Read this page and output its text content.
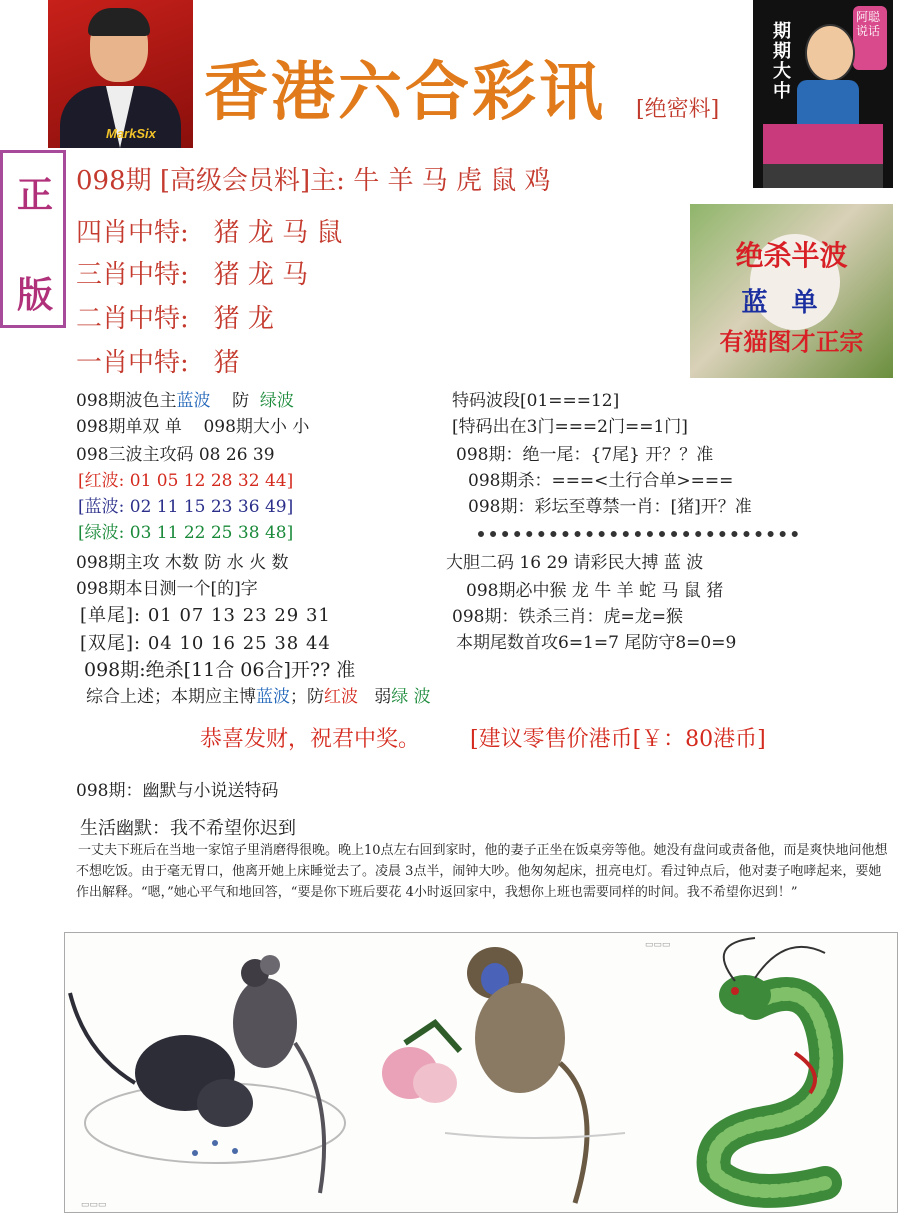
MarkSix
香港六合彩讯 [绝密料]
期期大中
阿聪说话
正
版
098期 [高级会员料]主: 牛 羊 马 虎 鼠 鸡
四肖中特: 猪 龙 马 鼠
三肖中特: 猪 龙 马
二肖中特: 猪 龙
一肖中特: 猪
绝杀半波
蓝单
有猫图才正宗
098期波色主蓝波 防 绿波
098期单双 单 098期大小 小
098三波主攻码 08 26 39
[红波: 01 05 12 28 32 44]
[蓝波: 02 11 15 23 36 49]
[绿波: 03 11 22 25 38 48]
098期主攻 木数 防 水 火 数
098期本日测一个[的]字
[单尾]: 01 07 13 23 29 31
[双尾]: 04 10 16 25 38 44
098期:绝杀[11合 06合]开?? 准
综合上述；本期应主博蓝波；防红波 弱绿 波
特码波段[01===12]
[特码出在3门===2门==1门]
098期：绝一尾：{7尾} 开？？准
098期杀：===<土行合单>===
098期：彩坛至尊禁一肖：[猪]开？准
大胆二码 16 29 请彩民大搏 蓝 波
098期必中猴 龙 牛 羊 蛇 马 鼠 猪
098期：铁杀三肖：虎=龙=猴
本期尾数首攻6=1=7 尾防守8=0=9
恭喜发财，祝君中奖。 [建议零售价港币[￥：80港币]
098期：幽默与小说送特码
生活幽默：我不希望你迟到
一丈夫下班后在当地一家馆子里消磨得很晚。晚上10点左右回到家时，他的妻子正坐在饭桌旁等他。她没有盘问或责备他，而是爽快地问他想不想吃饭。由于毫无胃口，他离开她上床睡觉去了。凌晨 3点半，闹钟大吵。他匆匆起床，扭亮电灯。看过钟点后，他对妻子咆哮起来，要她作出解释。“嗯，”她心平气和地回答，“要是你下班后要花 4小时返回家中，我想你上班也需要同样的时间。我不希望你迟到！”
▭▭▭
▭▭▭
